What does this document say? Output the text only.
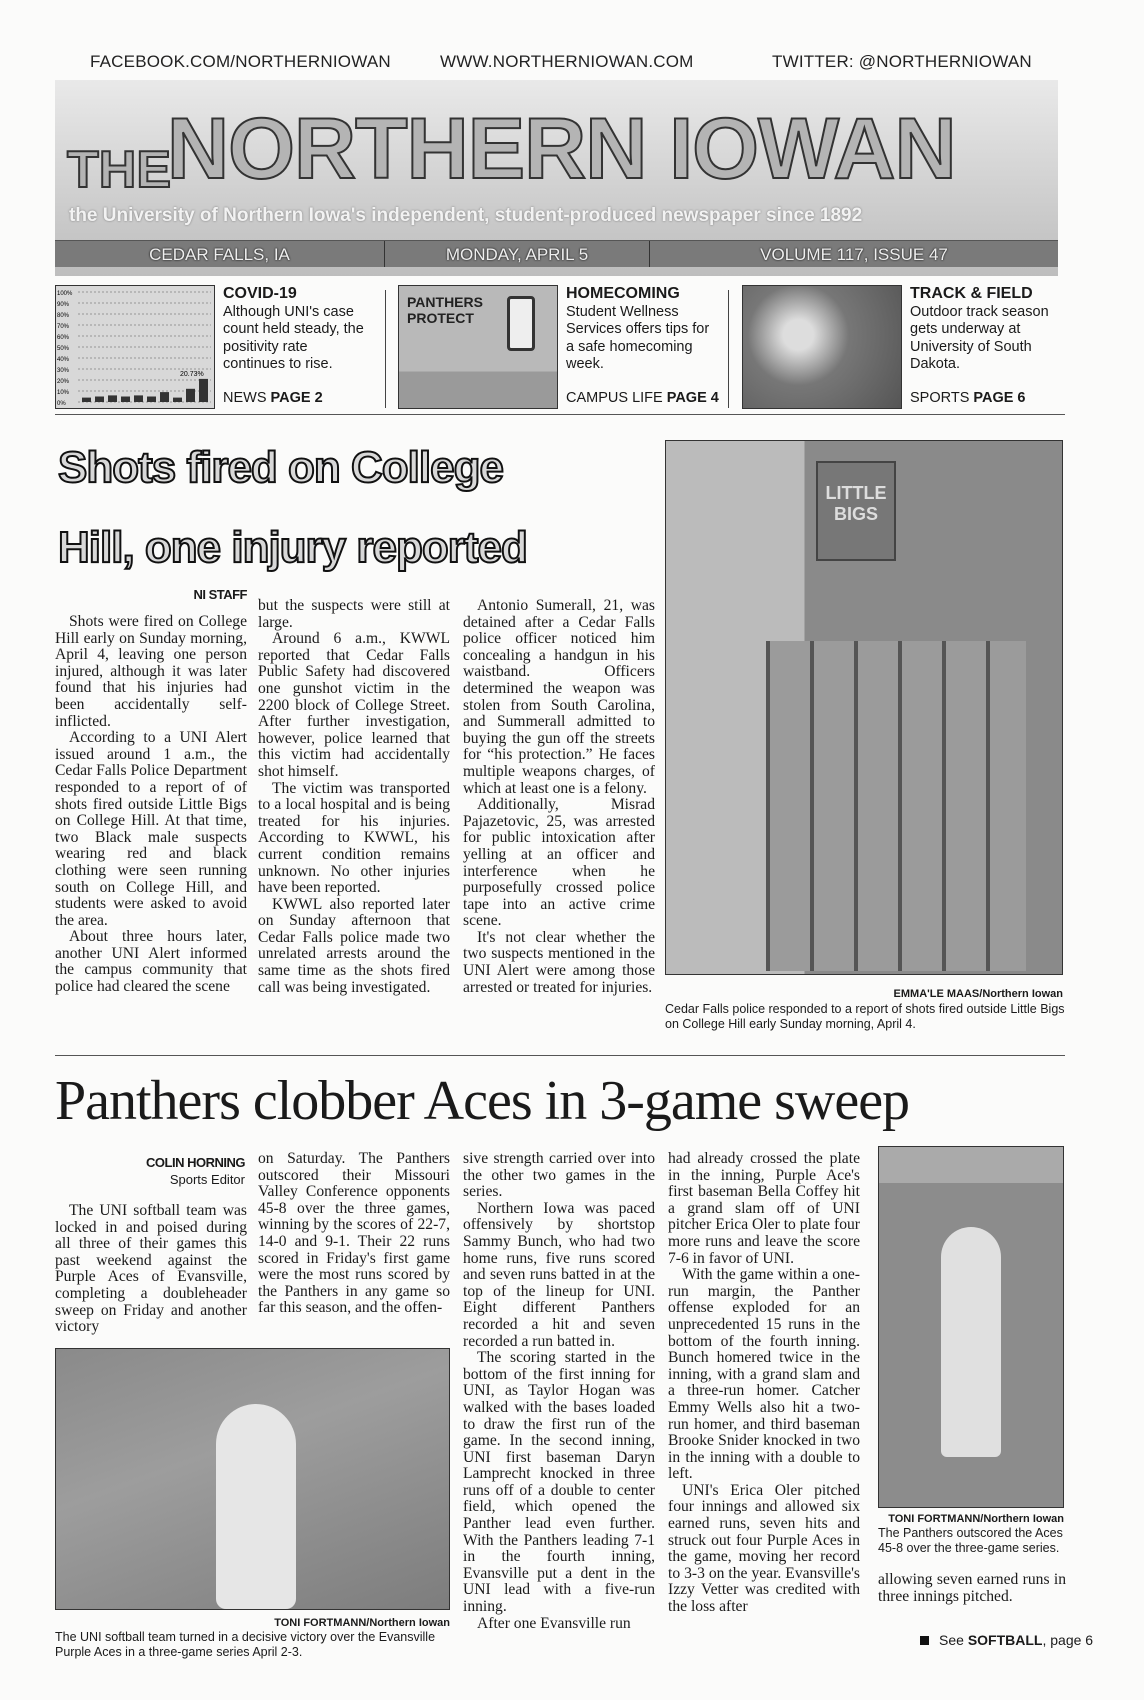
FACEBOOK.COM/NORTHERNIOWAN	WWW.NORTHERNIOWAN.COM	TWITTER: @NORTHERNIOWAN
THE
NORTHERN IOWAN
the University of Northern Iowa's independent, student-produced newspaper since 1892
CEDAR FALLS, IA	MONDAY, APRIL 5	VOLUME 117, ISSUE 47
100%
90%
80%
70%
60%
50%
40%
30%
20%
10%
0%
20.73%
COVID-19
Although UNI's case count held steady, the positivity rate continues to rise.
NEWS PAGE 2
PANTHERS PROTECT
HOMECOMING
Student Wellness Services offers tips for a safe homecoming week.
CAMPUS LIFE PAGE 4
TRACK & FIELD
Outdoor track season gets underway at University of South Dakota.
SPORTS PAGE 6
Shots fired on College
Hill, one injury reported
NI STAFF

Shots were fired on College Hill early on Sunday morning, April 4, leaving one person injured, although it was later found that his injuries had been accidentally self-inflicted.

According to a UNI Alert issued around 1 a.m., the Cedar Falls Police Department responded to a report of of shots fired outside Little Bigs on College Hill. At that time, two Black male suspects wearing red and black clothing were seen running south on College Hill, and students were asked to avoid the area.

About three hours later, another UNI Alert informed the campus community that police had cleared the scene

but the suspects were still at large.

Around 6 a.m., KWWL reported that Cedar Falls Public Safety had discovered one gunshot victim in the 2200 block of College Street. After further investigation, however, police learned that this victim had accidentally shot himself.

The victim was transported to a local hospital and is being treated for his injuries. According to KWWL, his current condition remains unknown. No other injuries have been reported.

KWWL also reported later on Sunday afternoon that Cedar Falls police made two unrelated arrests around the same time as the shots fired call was being investigated.

Antonio Sumerall, 21, was detained after a Cedar Falls police officer noticed him concealing a handgun in his waistband. Officers determined the weapon was stolen from South Carolina, and Summerall admitted to buying the gun off the streets for “his protection.” He faces multiple weapons charges, of which at least one is a felony.

Additionally, Misrad Pajazetovic, 25, was arrested for public intoxication after yelling at an officer and interference when he purposefully crossed police tape into an active crime scene.

It's not clear whether the two suspects mentioned in the UNI Alert were among those arrested or treated for injuries.

LITTLE BIGS
EMMA'LE MAAS/Northern Iowan
Cedar Falls police responded to a report of shots fired outside Little Bigs on College Hill early Sunday morning, April 4.
Panthers clobber Aces in 3-game sweep
COLIN HORNING
Sports Editor

The UNI softball team was locked in and poised during all three of their games this past weekend against the Purple Aces of Evansville, completing a doubleheader sweep on Friday and another victory

on Saturday. The Panthers outscored their Missouri Valley Conference opponents 45-8 over the three games, winning by the scores of 22-7, 14-0 and 9-1. Their 22 runs scored in Friday's first game were the most runs scored by the Panthers in any game so far this season, and the offen-

sive strength carried over into the other two games in the series.

Northern Iowa was paced offensively by shortstop Sammy Bunch, who had two home runs, five runs scored and seven runs batted in at the top of the lineup for UNI. Eight different Panthers recorded a hit and seven recorded a run batted in.

The scoring started in the bottom of the first inning for UNI, as Taylor Hogan was walked with the bases loaded to draw the first run of the game. In the second inning, UNI first baseman Daryn Lamprecht knocked in three runs off of a double to center field, which opened the Panther lead even further. With the Panthers leading 7-1 in the fourth inning, Evansville put a dent in the UNI lead with a five-run inning.

After one Evansville run

had already crossed the plate in the inning, Purple Ace's first baseman Bella Coffey hit a grand slam off of UNI pitcher Erica Oler to plate four more runs and leave the score 7-6 in favor of UNI.

With the game within a one-run margin, the Panther offense exploded for an unprecedented 15 runs in the bottom of the fourth inning. Bunch homered twice in the inning, with a grand slam and a three-run homer. Catcher Emmy Wells also hit a two-run homer, and third baseman Brooke Snider knocked in two in the inning with a double to left.

UNI's Erica Oler pitched four innings and allowed six earned runs, seven hits and struck out four Purple Aces in the game, moving her record to 3-3 on the year. Evansville's Izzy Vetter was credited with the loss after

allowing seven earned runs in three innings pitched.

TONI FORTMANN/Northern Iowan
The UNI softball team turned in a decisive victory over the Evansville Purple Aces in a three-game series April 2-3.
TONI FORTMANN/Northern Iowan
The Panthers outscored the Aces 45-8 over the three-game series.
See SOFTBALL, page 6
